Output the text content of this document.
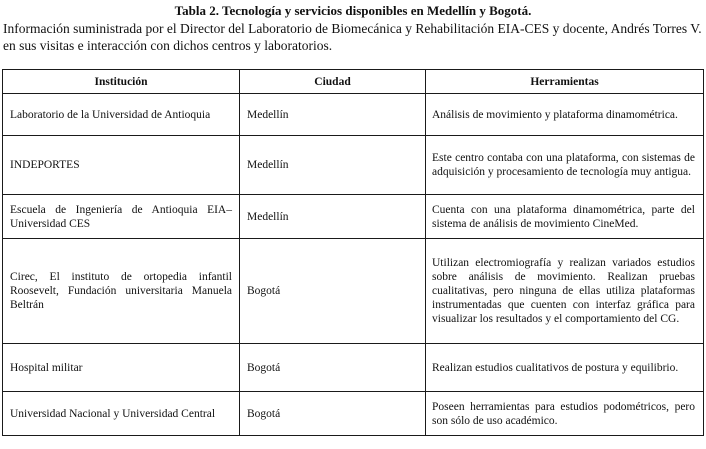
Tabla 2. Tecnología y servicios disponibles en Medellín y Bogotá.
Información suministrada por el Director del Laboratorio de Biomecánica y Rehabilitación EIA-CES y docente, Andrés Torres V. en sus visitas e interacción con dichos centros y laboratorios.
Institución	Ciudad	Herramientas
Laboratorio de la Universidad de Antioquia	Medellín	Análisis de movimiento y plataforma dinamométrica.
INDEPORTES	Medellín	Este centro contaba con una plataforma, con sistemas de adquisición y procesamiento de tecnología muy antigua.
Escuela de Ingeniería de Antioquia EIA–Universidad CES	Medellín	Cuenta con una plataforma dinamométrica, parte del sistema de análisis de movimiento CineMed.
Cirec, El instituto de ortopedia infantil Roosevelt, Fundación universitaria Manuela Beltrán	Bogotá	Utilizan electromiografía y realizan variados estudios sobre análisis de movimiento. Realizan pruebas cualitativas, pero ninguna de ellas utiliza plataformas instrumentadas que cuenten con interfaz gráfica para visualizar los resultados y el comportamiento del CG.
Hospital militar	Bogotá	Realizan estudios cualitativos de postura y equilibrio.
Universidad Nacional y Universidad Central	Bogotá	Poseen herramientas para estudios podométricos, pero son sólo de uso académico.
